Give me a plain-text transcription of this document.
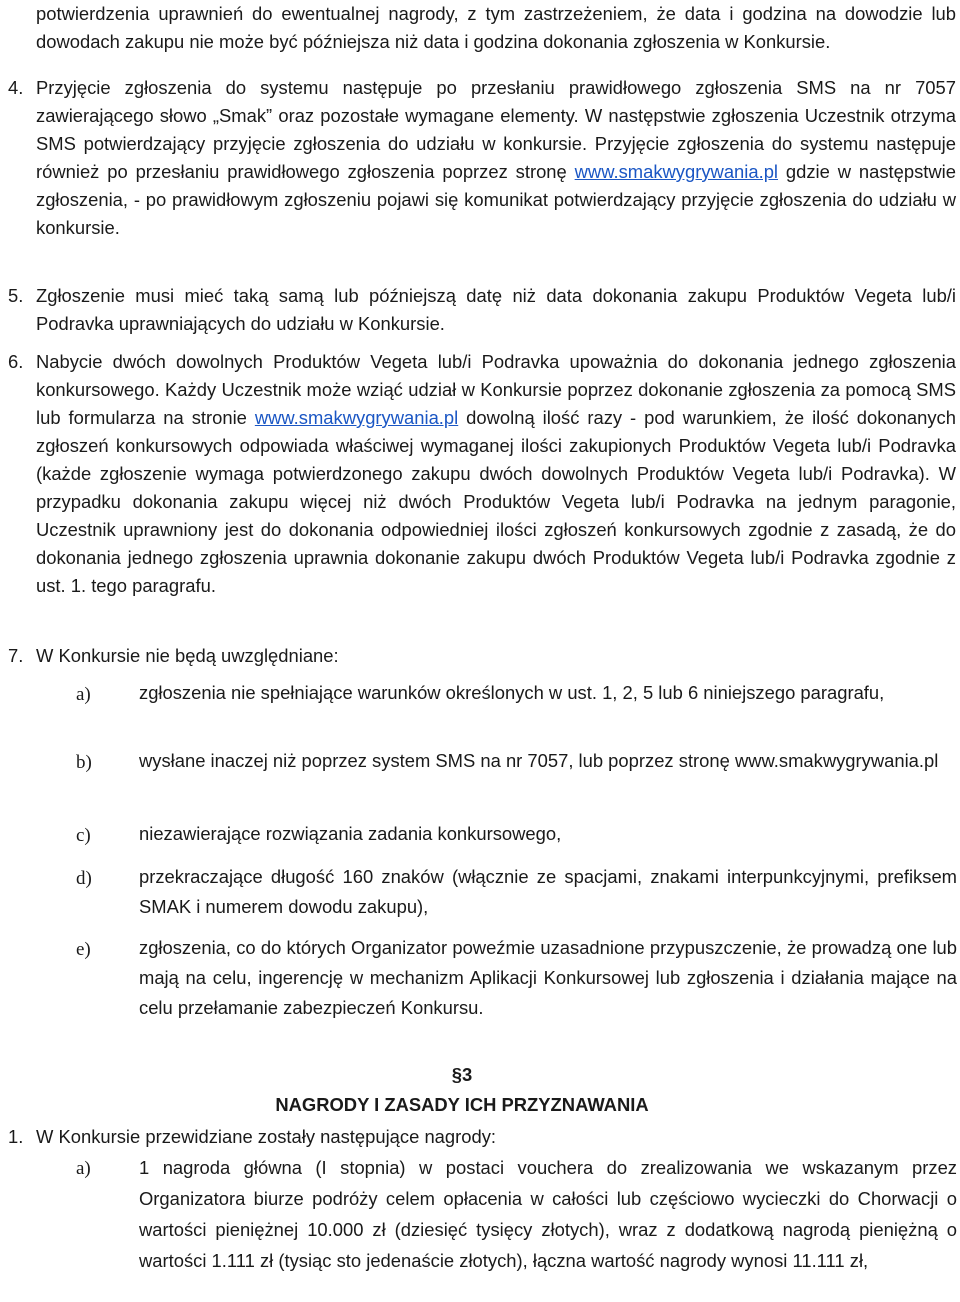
potwierdzenia uprawnień do ewentualnej nagrody, z tym zastrzeżeniem, że data i godzina na dowodzie lub dowodach zakupu nie może być późniejsza niż data i godzina dokonania zgłoszenia w Konkursie.

4. Przyjęcie zgłoszenia do systemu następuje po przesłaniu prawidłowego zgłoszenia SMS na nr 7057 zawierającego słowo „Smak” oraz pozostałe wymagane elementy. W następstwie zgłoszenia Uczestnik otrzyma SMS potwierdzający przyjęcie zgłoszenia do udziału w konkursie. Przyjęcie zgłoszenia do systemu następuje również po przesłaniu prawidłowego zgłoszenia poprzez stronę www.smakwygrywania.pl gdzie w następstwie zgłoszenia, - po prawidłowym zgłoszeniu pojawi się komunikat potwierdzający przyjęcie zgłoszenia do udziału w konkursie.

5. Zgłoszenie musi mieć taką samą lub późniejszą datę niż data dokonania zakupu Produktów Vegeta lub/i Podravka uprawniających do udziału w Konkursie.

6. Nabycie dwóch dowolnych Produktów Vegeta lub/i Podravka upoważnia do dokonania jednego zgłoszenia konkursowego. Każdy Uczestnik może wziąć udział w Konkursie poprzez dokonanie zgłoszenia za pomocą SMS lub formularza na stronie www.smakwygrywania.pl dowolną ilość razy - pod warunkiem, że ilość dokonanych zgłoszeń konkursowych odpowiada właściwej wymaganej ilości zakupionych Produktów Vegeta lub/i Podravka (każde zgłoszenie wymaga potwierdzonego zakupu dwóch dowolnych Produktów Vegeta lub/i Podravka). W przypadku dokonania zakupu więcej niż dwóch Produktów Vegeta lub/i Podravka na jednym paragonie, Uczestnik uprawniony jest do dokonania odpowiedniej ilości zgłoszeń konkursowych zgodnie z zasadą, że do dokonania jednego zgłoszenia uprawnia dokonanie zakupu dwóch Produktów Vegeta lub/i Podravka zgodnie z ust. 1. tego paragrafu.

7. W Konkursie nie będą uwzględniane:

a)	zgłoszenia nie spełniające warunków określonych w ust. 1, 2, 5 lub 6 niniejszego paragrafu,

b)	wysłane inaczej niż poprzez system SMS na nr 7057, lub poprzez stronę www.smakwygrywania.pl

c)	niezawierające rozwiązania zadania konkursowego,

d)	przekraczające długość 160 znaków (włącznie ze spacjami, znakami interpunkcyjnymi, prefiksem SMAK i numerem dowodu zakupu),

e)	zgłoszenia, co do których Organizator poweźmie uzasadnione przypuszczenie, że prowadzą one lub mają na celu, ingerencję w mechanizm Aplikacji Konkursowej lub zgłoszenia i działania mające na celu przełamanie zabezpieczeń Konkursu.

§3
NAGRODY I ZASADY ICH PRZYZNAWANIA
1. W Konkursie przewidziane zostały następujące nagrody:

a)	1 nagroda główna (I stopnia) w postaci vouchera do zrealizowania we wskazanym przez Organizatora biurze podróży celem opłacenia w całości lub częściowo wycieczki do Chorwacji o wartości pieniężnej 10.000 zł (dziesięć tysięcy złotych), wraz z dodatkową nagrodą pieniężną o wartości 1.111 zł (tysiąc sto jedenaście złotych), łączna wartość nagrody wynosi 11.111 zł,
